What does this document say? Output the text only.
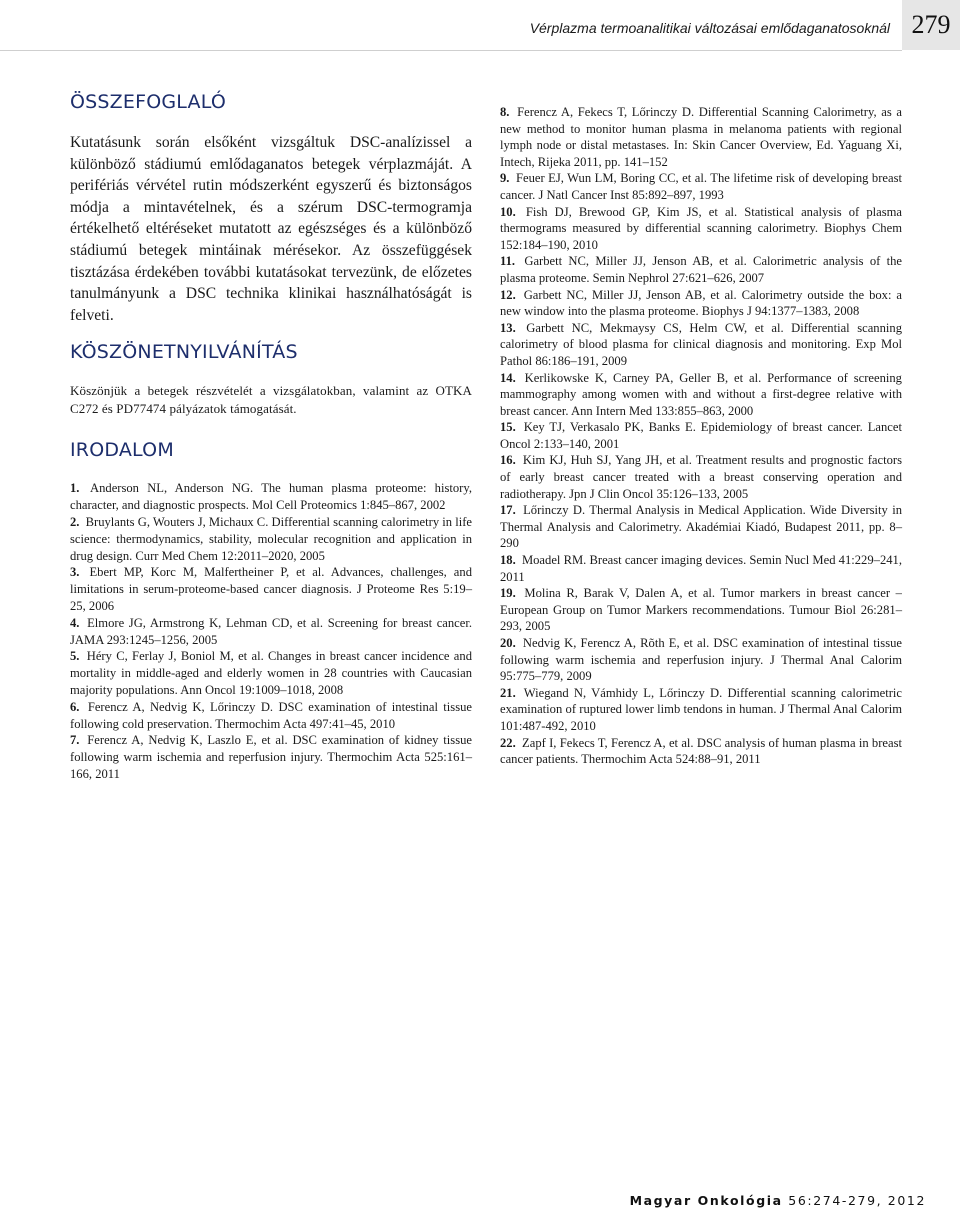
Vérplazma termoanalitikai változásai emlődaganatosoknál 279
ÖSSZEFOGLALÓ

Kutatásunk során elsőként vizsgáltuk DSC-analízissel a különböző stádiumú emlődaganatos betegek vérplazmáját. A perifériás vérvétel rutin módszerként egyszerű és biztonságos módja a mintavételnek, és a szérum DSC-termogramja értékelhető eltéréseket mutatott az egészséges és a különböző stádiumú betegek mintáinak mérésekor. Az összefüggések tisztázása érdekében további kutatásokat tervezünk, de előzetes tanulmányunk a DSC technika klinikai használhatóságát is felveti.

KÖSZÖNETNYILVÁNÍTÁS

Köszönjük a betegek részvételét a vizsgálatokban, valamint az OTKA C272 és PD77474 pályázatok támogatását.

IRODALOM
1. Anderson NL, Anderson NG. The human plasma proteome: history, character, and diagnostic prospects. Mol Cell Proteomics 1:845–867, 2002
2. Bruylants G, Wouters J, Michaux C. Differential scanning calorimetry in life science: thermodynamics, stability, molecular recognition and application in drug design. Curr Med Chem 12:2011–2020, 2005
3. Ebert MP, Korc M, Malfertheiner P, et al. Advances, challenges, and limitations in serum-proteome-based cancer diagnosis. J Proteome Res 5:19–25, 2006
4. Elmore JG, Armstrong K, Lehman CD, et al. Screening for breast cancer. JAMA 293:1245–1256, 2005
5. Héry C, Ferlay J, Boniol M, et al. Changes in breast cancer incidence and mortality in middle-aged and elderly women in 28 countries with Caucasian majority populations. Ann Oncol 19:1009–1018, 2008
6. Ferencz A, Nedvig K, Lőrinczy D. DSC examination of intestinal tissue following cold preservation. Thermochim Acta 497:41–45, 2010
7. Ferencz A, Nedvig K, Laszlo E, et al. DSC examination of kidney tissue following warm ischemia and reperfusion injury. Thermochim Acta 525:161–166, 2011
8. Ferencz A, Fekecs T, Lőrinczy D. Differential Scanning Calorimetry, as a new method to monitor human plasma in melanoma patients with regional lymph node or distal metastases. In: Skin Cancer Overview, Ed. Yaguang Xi, Intech, Rijeka 2011, pp. 141–152
9. Feuer EJ, Wun LM, Boring CC, et al. The lifetime risk of developing breast cancer. J Natl Cancer Inst 85:892–897, 1993
10. Fish DJ, Brewood GP, Kim JS, et al. Statistical analysis of plasma thermograms measured by differential scanning calorimetry. Biophys Chem 152:184–190, 2010
11. Garbett NC, Miller JJ, Jenson AB, et al. Calorimetric analysis of the plasma proteome. Semin Nephrol 27:621–626, 2007
12. Garbett NC, Miller JJ, Jenson AB, et al. Calorimetry outside the box: a new window into the plasma proteome. Biophys J 94:1377–1383, 2008
13. Garbett NC, Mekmaysy CS, Helm CW, et al. Differential scanning calorimetry of blood plasma for clinical diagnosis and monitoring. Exp Mol Pathol 86:186–191, 2009
14. Kerlikowske K, Carney PA, Geller B, et al. Performance of screening mammography among women with and without a first-degree relative with breast cancer. Ann Intern Med 133:855–863, 2000
15. Key TJ, Verkasalo PK, Banks E. Epidemiology of breast cancer. Lancet Oncol 2:133–140, 2001
16. Kim KJ, Huh SJ, Yang JH, et al. Treatment results and prognostic factors of early breast cancer treated with a breast conserving operation and radiotherapy. Jpn J Clin Oncol 35:126–133, 2005
17. Lőrinczy D. Thermal Analysis in Medical Application. Wide Diversity in Thermal Analysis and Calorimetry. Akadémiai Kiadó, Budapest 2011, pp. 8–290
18. Moadel RM. Breast cancer imaging devices. Semin Nucl Med 41:229–241, 2011
19. Molina R, Barak V, Dalen A, et al. Tumor markers in breast cancer – European Group on Tumor Markers recommendations. Tumour Biol 26:281–293, 2005
20. Nedvig K, Ferencz A, Rõth E, et al. DSC examination of intestinal tissue following warm ischemia and reperfusion injury. J Thermal Anal Calorim 95:775–779, 2009
21. Wiegand N, Vámhidy L, Lőrinczy D. Differential scanning calorimetric examination of ruptured lower limb tendons in human. J Thermal Anal Calorim 101:487-492, 2010
22. Zapf I, Fekecs T, Ferencz A, et al. DSC analysis of human plasma in breast cancer patients. Thermochim Acta 524:88–91, 2011
Magyar Onkológia 56:274-279, 2012
